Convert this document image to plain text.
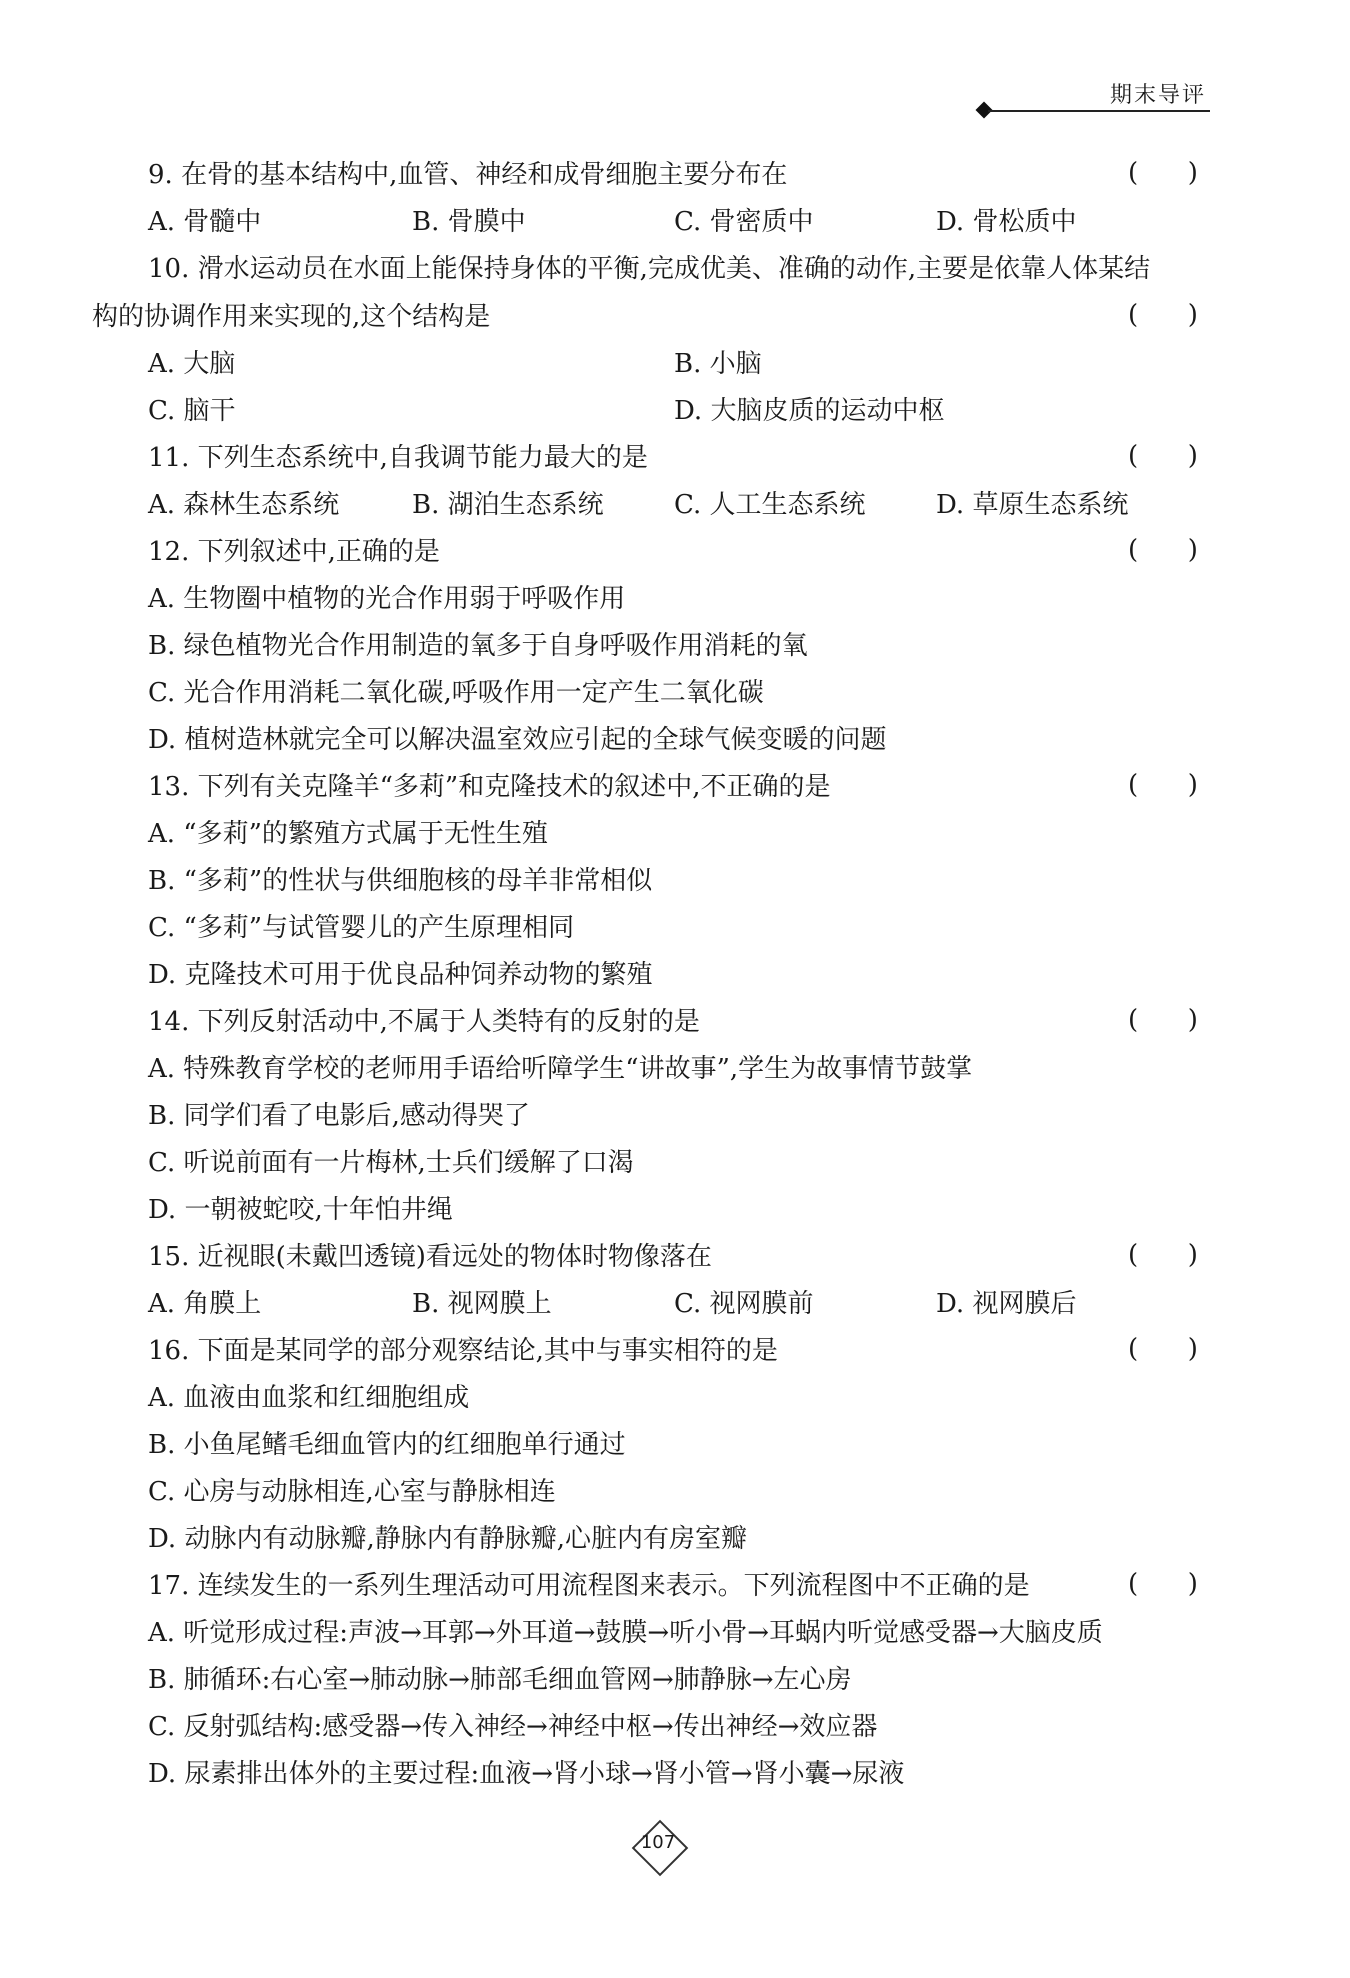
期末导评
9. 在骨的基本结构中,血管、神经和成骨细胞主要分布在	(      )
A. 骨髓中	B. 骨膜中	C. 骨密质中	D. 骨松质中
10. 滑水运动员在水面上能保持身体的平衡,完成优美、准确的动作,主要是依靠人体某结
构的协调作用来实现的,这个结构是	(      )
A. 大脑	B. 小脑
C. 脑干	D. 大脑皮质的运动中枢
11. 下列生态系统中,自我调节能力最大的是	(      )
A. 森林生态系统	B. 湖泊生态系统	C. 人工生态系统	D. 草原生态系统
12. 下列叙述中,正确的是	(      )
A. 生物圈中植物的光合作用弱于呼吸作用
B. 绿色植物光合作用制造的氧多于自身呼吸作用消耗的氧
C. 光合作用消耗二氧化碳,呼吸作用一定产生二氧化碳
D. 植树造林就完全可以解决温室效应引起的全球气候变暖的问题
13. 下列有关克隆羊“多莉”和克隆技术的叙述中,不正确的是	(      )
A. “多莉”的繁殖方式属于无性生殖
B. “多莉”的性状与供细胞核的母羊非常相似
C. “多莉”与试管婴儿的产生原理相同
D. 克隆技术可用于优良品种饲养动物的繁殖
14. 下列反射活动中,不属于人类特有的反射的是	(      )
A. 特殊教育学校的老师用手语给听障学生“讲故事”,学生为故事情节鼓掌
B. 同学们看了电影后,感动得哭了
C. 听说前面有一片梅林,士兵们缓解了口渴
D. 一朝被蛇咬,十年怕井绳
15. 近视眼(未戴凹透镜)看远处的物体时物像落在	(      )
A. 角膜上	B. 视网膜上	C. 视网膜前	D. 视网膜后
16. 下面是某同学的部分观察结论,其中与事实相符的是	(      )
A. 血液由血浆和红细胞组成
B. 小鱼尾鳍毛细血管内的红细胞单行通过
C. 心房与动脉相连,心室与静脉相连
D. 动脉内有动脉瓣,静脉内有静脉瓣,心脏内有房室瓣
17. 连续发生的一系列生理活动可用流程图来表示。下列流程图中不正确的是	(      )
A. 听觉形成过程:声波→耳郭→外耳道→鼓膜→听小骨→耳蜗内听觉感受器→大脑皮质
B. 肺循环:右心室→肺动脉→肺部毛细血管网→肺静脉→左心房
C. 反射弧结构:感受器→传入神经→神经中枢→传出神经→效应器
D. 尿素排出体外的主要过程:血液→肾小球→肾小管→肾小囊→尿液
107
